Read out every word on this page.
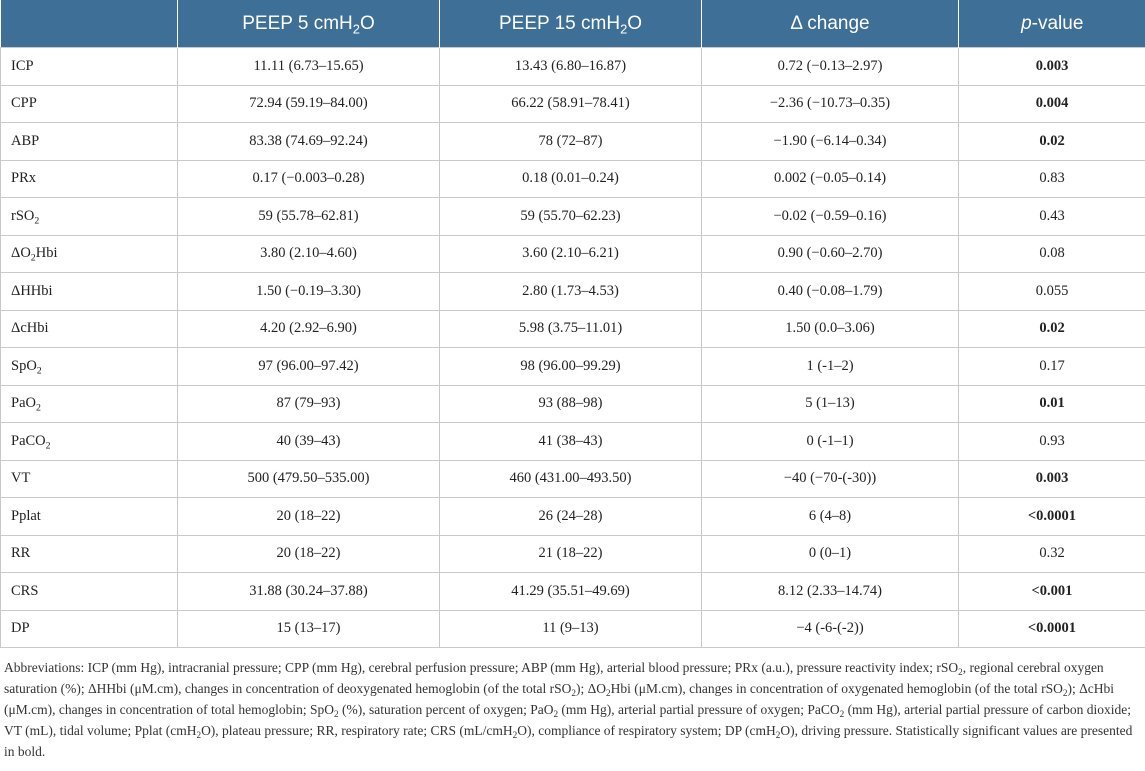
	PEEP 5 cmH$_2$O	PEEP 15 cmH$_2$O	Δ change	p-value
ICP	11.11 (6.73–15.65)	13.43 (6.80–16.87)	0.72 (−0.13–2.97)	0.003
CPP	72.94 (59.19–84.00)	66.22 (58.91–78.41)	−2.36 (−10.73–0.35)	0.004
ABP	83.38 (74.69–92.24)	78 (72–87)	−1.90 (−6.14–0.34)	0.02
PRx	0.17 (−0.003–0.28)	0.18 (0.01–0.24)	0.002 (−0.05–0.14)	0.83
rSO$_2$	59 (55.78–62.81)	59 (55.70–62.23)	−0.02 (−0.59–0.16)	0.43
$\Delta O_2Hbi$	3.80 (2.10–4.60)	3.60 (2.10–6.21)	0.90 (−0.60–2.70)	0.08
ΔHHbi	1.50 (−0.19–3.30)	2.80 (1.73–4.53)	0.40 (−0.08–1.79)	0.055
ΔcHbi	4.20 (2.92–6.90)	5.98 (3.75–11.01)	1.50 (0.0–3.06)	0.02
SpO$_2$	97 (96.00–97.42)	98 (96.00–99.29)	1 (-1–2)	0.17
PaO$_2$	87 (79–93)	93 (88–98)	5 (1–13)	0.01
PaCO$_2$	40 (39–43)	41 (38–43)	0 (-1–1)	0.93
VT	500 (479.50–535.00)	460 (431.00–493.50)	−40 (−70-(-30))	0.003
Pplat	20 (18–22)	26 (24–28)	6 (4–8)	<0.0001
RR	20 (18–22)	21 (18–22)	0 (0–1)	0.32
CRS	31.88 (30.24–37.88)	41.29 (35.51–49.69)	8.12 (2.33–14.74)	<0.001
DP	15 (13–17)	11 (9–13)	−4 (-6-(-2))	<0.0001
Abbreviations: ICP (mm Hg), intracranial pressure; CPP (mm Hg), cerebral perfusion pressure; ABP (mm Hg), arterial blood pressure; PRx (a.u.), pressure reactivity index; rSO$_2$, regional cerebral oxygen saturation (%); ΔHHbi (μM.cm), changes in concentration of deoxygenated hemoglobin (of the total rSO$_2$); $\Delta O_2Hbi$ (μM.cm), changes in concentration of oxygenated hemoglobin (of the total rSO$_2$); ΔcHbi (μM.cm), changes in concentration of total hemoglobin; SpO$_2$ (%), saturation percent of oxygen; PaO$_2$ (mm Hg), arterial partial pressure of oxygen; PaCO$_2$ (mm Hg), arterial partial pressure of carbon dioxide; VT (mL), tidal volume; Pplat (cmH$_2$O), plateau pressure; RR, respiratory rate; CRS (mL/cmH$_2$O), compliance of respiratory system; DP (cmH$_2$O), driving pressure. Statistically significant values are presented in bold.
